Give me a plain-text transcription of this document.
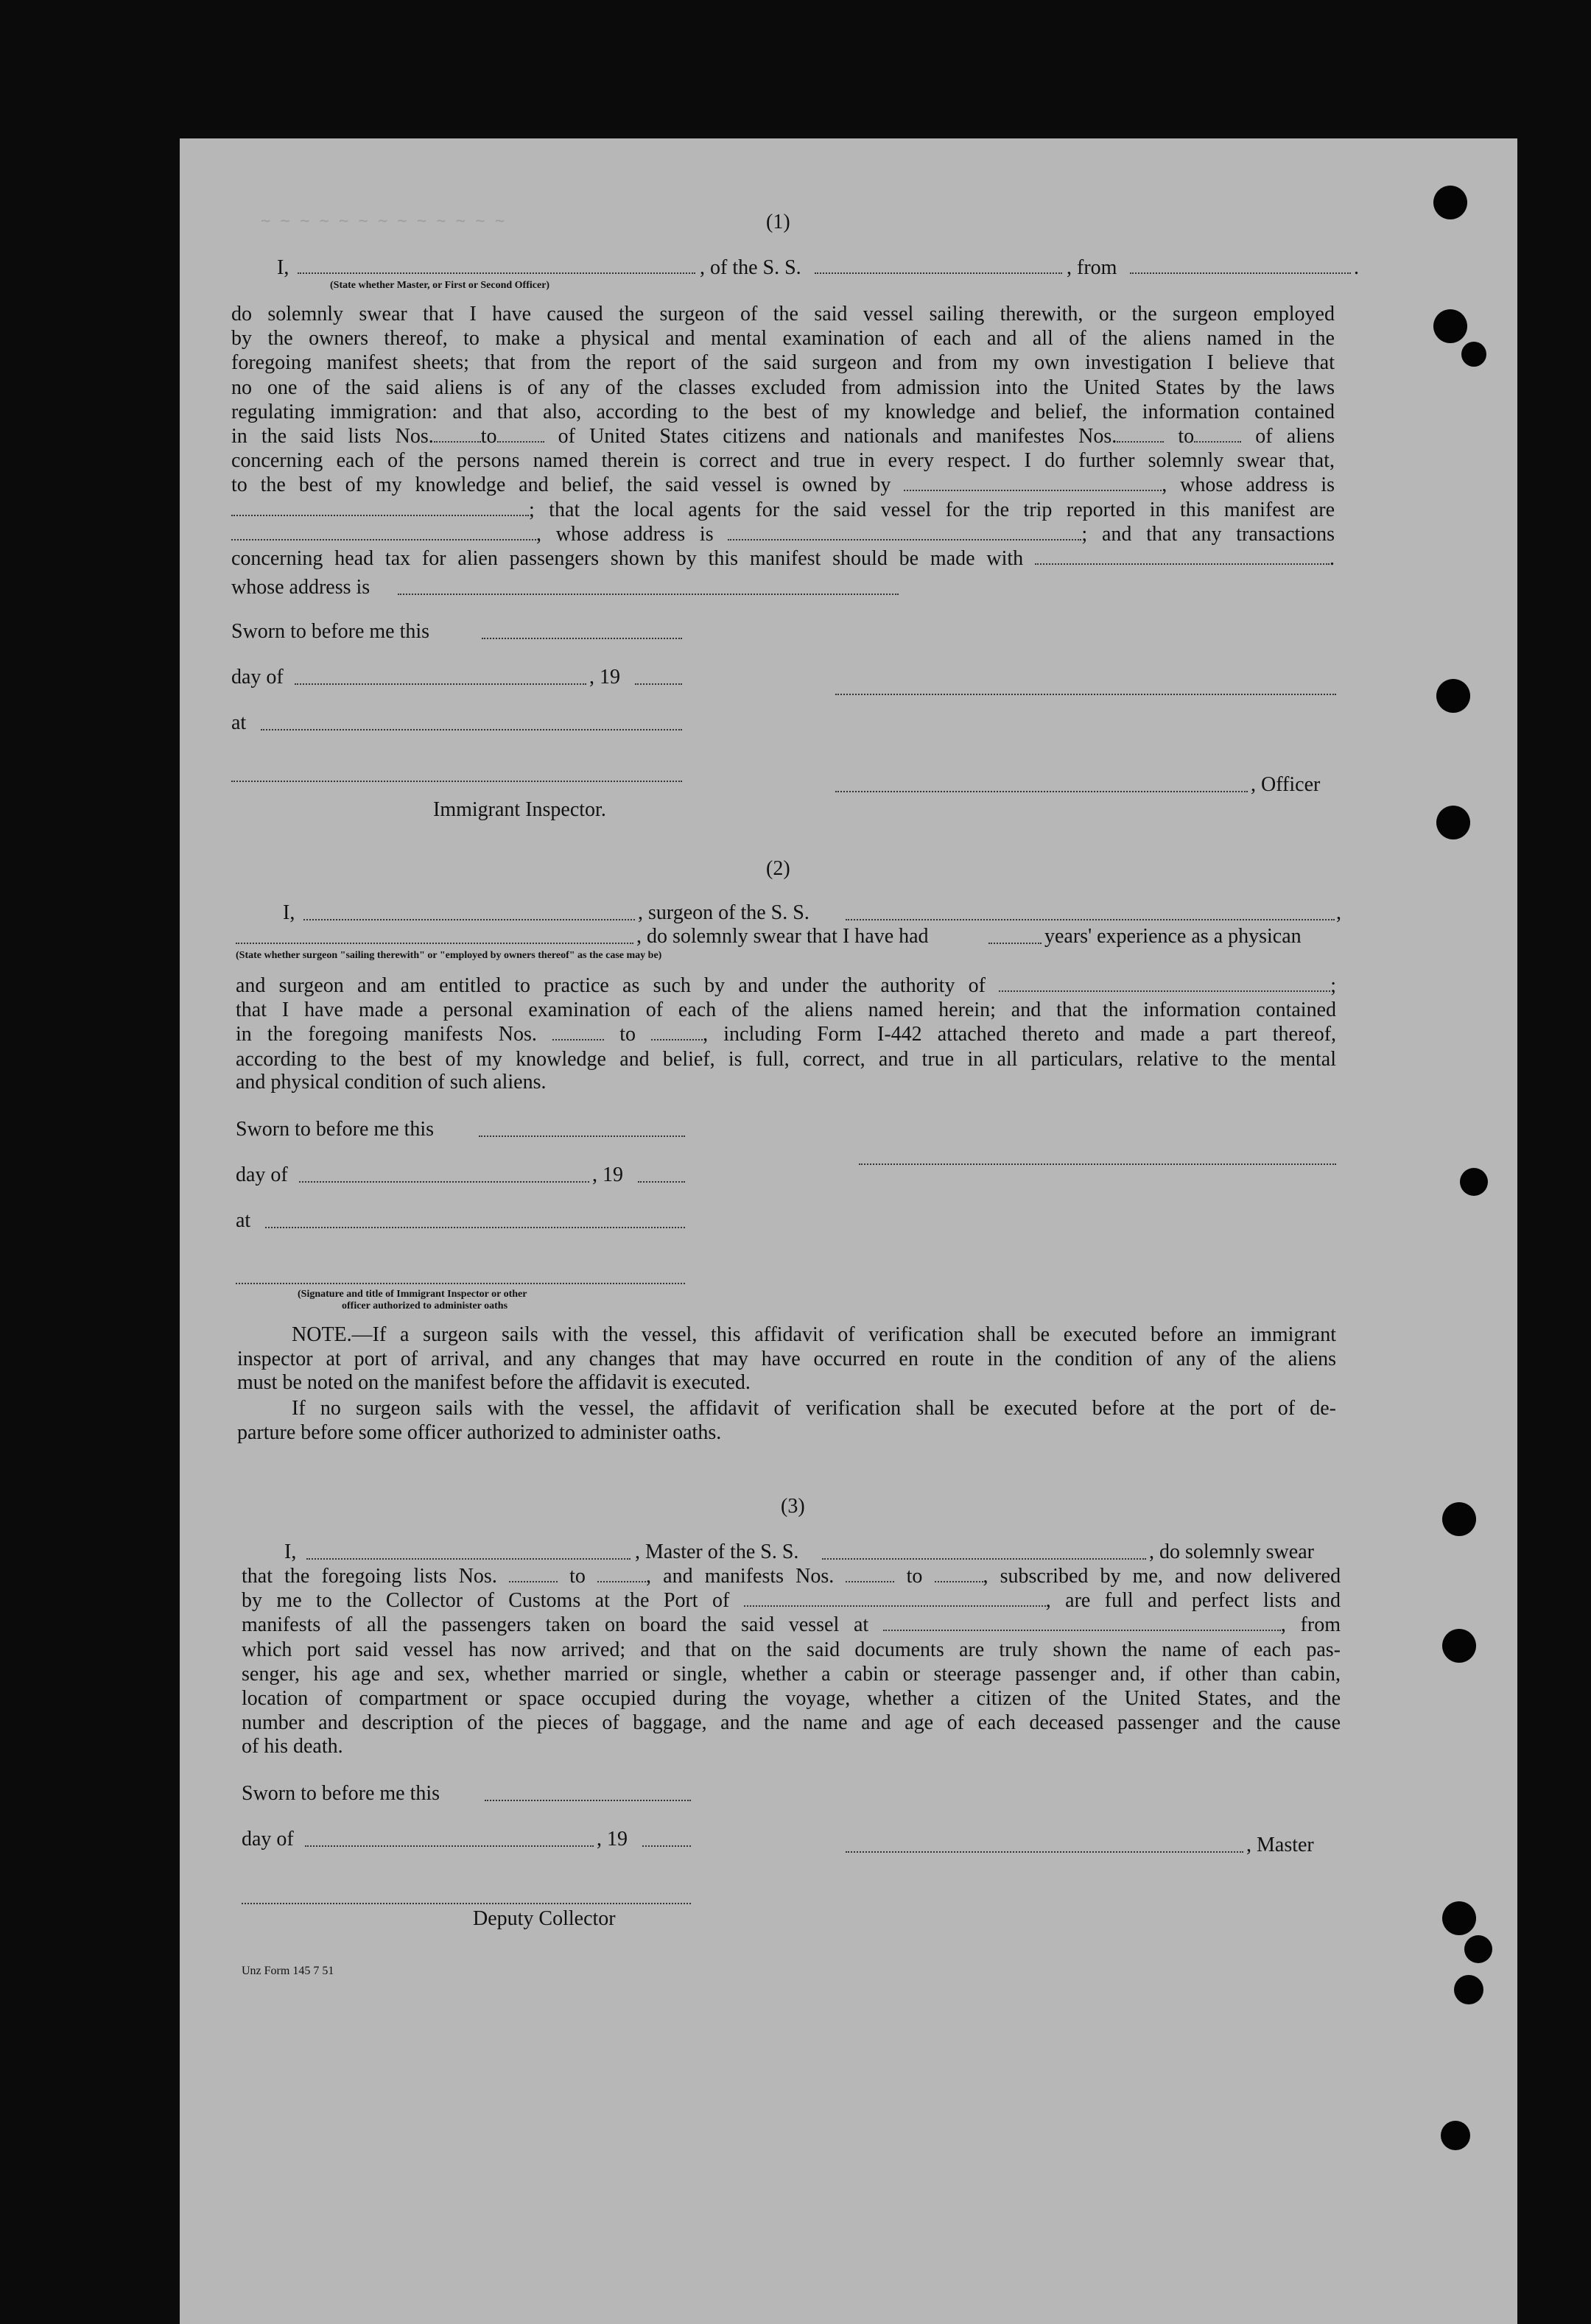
~ ~ ~ ~ ~ ~ ~ ~ ~ ~ ~ ~ ~	(1)
I,	, of the S. S.	, from	.
(State whether Master, or First or Second Officer)
do solemnly swear that I have caused the surgeon of the said vessel sailing therewith, or the surgeon employed
by the owners thereof, to make a physical and mental examination of each and all of the aliens named in the
foregoing manifest sheets; that from the report of the said surgeon and from my own investigation I believe that
no one of the said aliens is of any of the classes excluded from admission into the United States by the laws
regulating immigration: and that also, according to the best of my knowledge and belief, the information contained
in the said lists Nos. to	of United States citizens and nationals and manifestes Nos.	to	of aliens
concerning each of the persons named therein is correct and true in every respect. I do further solemnly swear that,
to the best of my knowledge and belief, the said vessel is owned by	, whose address is
; that the local agents for the said vessel for the trip reported in this manifest are
, whose address is	; and that any transactions
concerning head tax for alien passengers shown by this manifest should be made with	.
whose address is
Sworn to before me this
day of	, 19
at
, Officer
Immigrant Inspector.
(2)
I,	, surgeon of the S. S.	,
, do solemnly swear that I have had	years' experience as a physican
(State whether surgeon "sailing therewith" or "employed by owners thereof" as the case may be)
and surgeon and am entitled to practice as such by and under the authority of	;
that I have made a personal examination of each of the aliens named herein; and that the information contained
in the foregoing manifests Nos.	to	, including Form I-442 attached thereto and made a part thereof,
according to the best of my knowledge and belief, is full, correct, and true in all particulars, relative to the mental
and physical condition of such aliens.
Sworn to before me this
day of	, 19
at
(Signature and title of Immigrant Inspector or other
officer authorized to administer oaths
NOTE.—If a surgeon sails with the vessel, this affidavit of verification shall be executed before an immigrant
inspector at port of arrival, and any changes that may have occurred en route in the condition of any of the aliens
must be noted on the manifest before the affidavit is executed.
If no surgeon sails with the vessel, the affidavit of verification shall be executed before at the port of de-
parture before some officer authorized to administer oaths.
(3)
I,	, Master of the S. S.	, do solemnly swear
that the foregoing lists Nos.	to	, and manifests Nos.	to	, subscribed by me, and now delivered
by me to the Collector of Customs at the Port of	, are full and perfect lists and
manifests of all the passengers taken on board the said vessel at	, from
which port said vessel has now arrived; and that on the said documents are truly shown the name of each pas-
senger, his age and sex, whether married or single, whether a cabin or steerage passenger and, if other than cabin,
location of compartment or space occupied during the voyage, whether a citizen of the United States, and the
number and description of the pieces of baggage, and the name and age of each deceased passenger and the cause
of his death.
Sworn to before me this
day of	, 19	, Master
Deputy Collector
Unz Form 145 7 51
